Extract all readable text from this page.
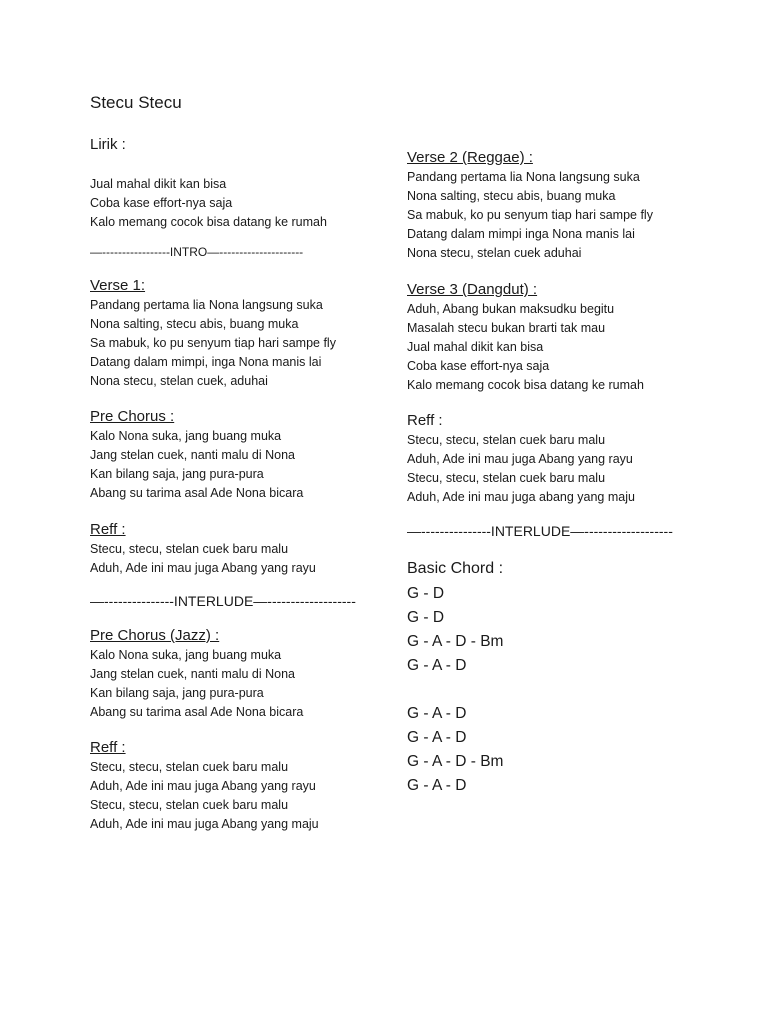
Stecu Stecu
Lirik :
Jual mahal dikit kan bisa
Coba kase effort-nya saja
Kalo memang cocok bisa datang ke rumah
—-----------------INTRO—---------------------
Verse 1:
Pandang pertama lia Nona langsung suka
Nona salting, stecu abis, buang muka
Sa mabuk, ko pu senyum tiap hari sampe fly
Datang dalam mimpi, inga Nona manis lai
Nona stecu, stelan cuek, aduhai
Pre Chorus :
Kalo Nona suka, jang buang muka
Jang stelan cuek, nanti malu di Nona
Kan bilang saja, jang pura-pura
Abang su tarima asal Ade Nona bicara
Reff :
Stecu, stecu, stelan cuek baru malu
Aduh, Ade ini mau juga Abang yang rayu
—---------------INTERLUDE—-------------------
Pre Chorus (Jazz) :
Kalo Nona suka, jang buang muka
Jang stelan cuek, nanti malu di Nona
Kan bilang saja, jang pura-pura
Abang su tarima asal Ade Nona bicara
Reff :
Stecu, stecu, stelan cuek baru malu
Aduh, Ade ini mau juga Abang yang rayu
Stecu, stecu, stelan cuek baru malu
Aduh, Ade ini mau juga Abang yang maju
Verse 2 (Reggae) :
Pandang pertama lia Nona langsung suka
Nona salting, stecu abis, buang muka
Sa mabuk, ko pu senyum tiap hari sampe fly
Datang dalam mimpi inga Nona manis lai
Nona stecu, stelan cuek aduhai
Verse 3 (Dangdut) :
Aduh, Abang bukan maksudku begitu
Masalah stecu bukan brarti tak mau
Jual mahal dikit kan bisa
Coba kase effort-nya saja
Kalo memang cocok bisa datang ke rumah
Reff :
Stecu, stecu, stelan cuek baru malu
Aduh, Ade ini mau juga Abang yang rayu
Stecu, stecu, stelan cuek baru malu
Aduh, Ade ini mau juga abang yang maju
—---------------INTERLUDE—-------------------
Basic Chord :
G - D
G - D
G - A - D - Bm
G - A - D
G - A - D
G - A - D
G - A - D - Bm
G - A - D
